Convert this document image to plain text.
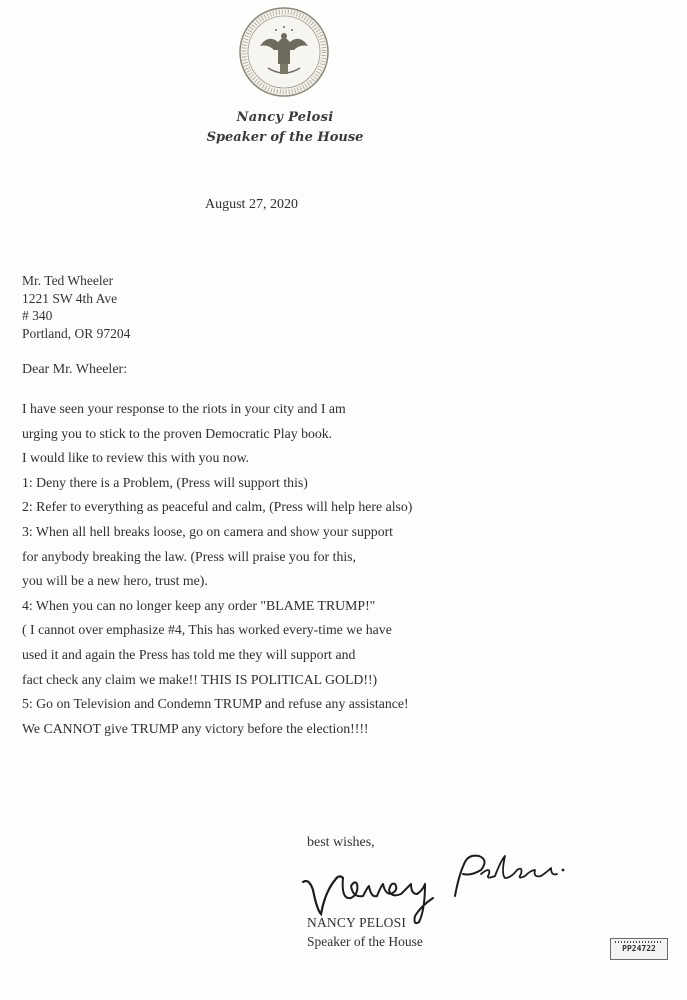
Nancy Pelosi
Speaker of the House
August 27, 2020
Mr. Ted Wheeler
1221 SW 4th Ave
# 340
Portland, OR 97204
Dear Mr. Wheeler:
I have seen your response to the riots in your city and I am
urging you to stick to the proven Democratic Play book.
I would like to review this with you now.
1: Deny there is a Problem, (Press will support this)
2: Refer to everything as peaceful and calm, (Press will help here also)
3: When all hell breaks loose, go on camera and show your support
for anybody breaking the law. (Press will praise you for this,
you will be a new hero, trust me).
4: When you can no longer keep any order "BLAME TRUMP!"
( I cannot over emphasize #4, This has worked every-time we have
used it and again the Press has told me they will support and
fact check any claim we make!! THIS IS POLITICAL GOLD!!)
5: Go on Television and Condemn TRUMP and refuse any assistance!
We CANNOT give TRUMP any victory before the election!!!!
best wishes,
NANCY PELOSI
Speaker of the House	PP24722
